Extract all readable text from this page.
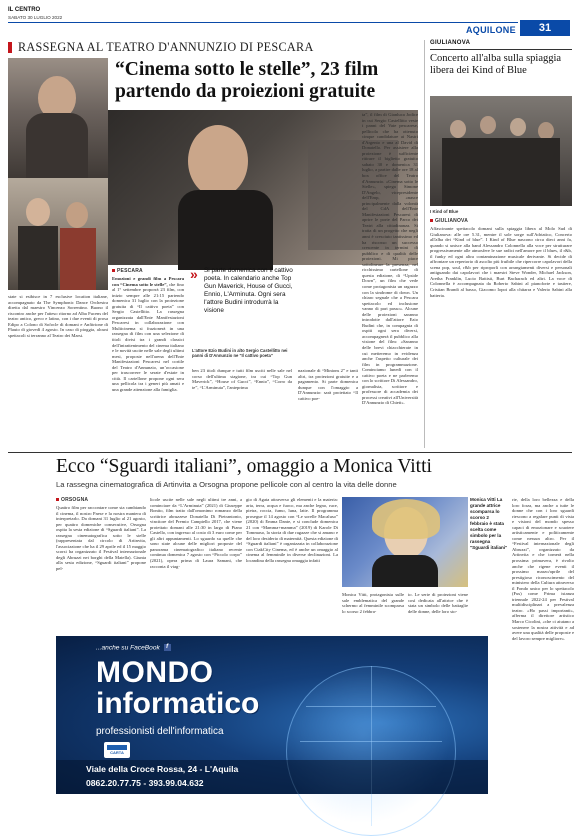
IL CENTRO
SABATO 30 LUGLIO 2022
AQUILONE	31
RASSEGNA AL TEATRO D'ANNUNZIO DI PESCARA
“Cinema sotto le stelle”, 23 film partendo da proiezioni gratuite
state si esibisce in 7 esclusive location italiane, accompagnato da The Symphonic Dance Orchestra diretta dal maestro Vincenzo Sorrentino. Buono il riscontro anche per l'atteso ritorno ad Alba Fucens del teatro antico, greco e latino, con i due eventi di prosa Edipo a Colono di Sofocle di domani e Anfitrione di Plauto di giovedì 4 agosto. In caso di pioggia, alcuni spettacoli si terranno al Teatro dei Marsi.
PESCARA
Emozioni e grandi film a Pescara con “Cinema sotto le stelle”, che fino al 1° settembre proporrà 23 film, con inizio sempre alle 21:15 partendo domenica 31 luglio con la proiezione gratuita di “Il cattivo poeta” con Sergio Castellitto. La rassegna organizzata dall'Ente Manifestazioni Pescaresi in collaborazione con Multicinema si frazionerà in una rassegna di film con una selezione di titoli divisi tra i grandi classici dell'intrattenimento del cinema italiano e le novità uscite nelle sale degli ultimi mesi, proposte nell'arena dell'Ente Manifestazioni Pescaresi nel cortile del Teatro d'Annunzio, un’occasione per trascorrere le serate d'estate in città. Il cartellone propone ogni sera una pellicola tra i generi più amati e una grande attenzione alla famiglia.
» Si parte domenica con Il cattivo poeta. In calendario anche Top Gun Maverick, House of Gucci, Ennio, L'Arminuta. Ogni sera l'attore Budini introdurrà la visione
L'attore Ezio Budini in alto Sergio Castellitto nei panni di D'Annunzio ne "Il cattivo poeta"
ben 23 titoli dunque e tutti film usciti nelle sale nel corso dell'ultima stagione, tra cui “Top Gun Maverick”, “House of Gucci”, “Ennio”, “Corro da te”, “L'Arminuta”, l'anteprima
nazionale di “Minions 2” e tanti altri, tra proiezioni gratuite e a pagamento. Si parte domenica dunque con l'omaggio a D'Annunzio: sarà proiettato “Il cattivo poe-
ta”, il film di Gianluca Jodice in cui Sergio Castellitto veste i panni del Vate pescarese, pellicola che ha ottenuto cinque candidature ai Nastri d'Argento e una al David di Donatello. Per assistere alla proiezione è sufficiente ritirare il biglietto gratuito sabato 30 e domenica 31 luglio, a partire dalle ore 18 al box office del Teatro d'Annunzio. «Cinema sotto le Stelle», spiega Simone D'Angelo, vicepresidente dell'Emp, «nasce principalmente dalla volontà del CdA dell'Ente Manifestazioni Pescaresi di aprire le porte del Parco dei Teatri alla cittadinanza. Si tratta di un progetto che negli anni è cresciuto tantissimo ed ha riscosso un successo crescente in termini di pubblico e di qualità delle proiezioni. Mi piace sottolineare la presenza, nel ricchissimo cartellone di questa edizione, di “Upside Down”, un film che vede come protagonista un ragazzo con la sindrome di down. Un chiaro segnale che a Pescara spettacolo ed inclusione vanno di pari passo». Alcune delle proiezioni saranno introdotte dall'attore Ezio Budini che, in compagnia di ospiti ogni sera diversi, accompagnerà il pubblico alla visione del film: «Saranno delle brevi chiacchierate in cui metteremo in evidenza anche l'aspetto culturale dei film in programmazione. Cominciamo lunedì con il cattivo poeta e ne parleremo con lo scrittore Di Alessandro, giornalista, scrittore e professore di accademia dei processi creativi all'Università D'Annunzio di Chieti».
GIULIANOVA
Concerto all'alba sulla spiaggia libera dei Kind of Blue
I Kind of Blue
GIULIANOVA
Affascinante spettacolo domani sulla spiaggia libera al Molo Sud di Giulianova: alle ore 5.31, mentre il sole sorge sull'Adriatico, Concerto all'alba dei “Kind of blue”. I Kind of Blue nascono circa dieci anni fa, quando si unisce alla band Alessandro Colonnella alla voce per strutturare progressivamente alle atmosfere le sue radici nell'amore per il blues, il r&b, il funky ed ogni altra contaminazione musicale derivante. Si decide di affrontare un repertorio di ascolto più fruibile che ripercorre capolavori della scena pop, soul, r&b per riproporli con arrangiamenti diversi e personali antiguando dai capolavori che i maestri Steve Wonder, Michael Jackson, Aretha Franklin, Lucio Battisti, Burt Bacharach ed altri. La voce di Colonnella è accompagnata da Roberto Sabini al pianoforte e tastiere, Cristian Brandi al basso, Giacomo Iopoi alla chitarra e Valerio Sabini alla batteria.
Ecco “Sguardi italiani”, omaggio a Monica Vitti
La rassegna cinematografica di Artinvita a Orsogna propone pellicole con al centro la vita delle donne
ORSOGNA
Quattro film per raccontare come sta cambiando il cinema, il nostro Paese e la nostra maniera di interpretarlo. Da domani 31 luglio al 21 agosto, per quattro domeniche consecutive, Orsogna ospita la sesta edizione di “Sguardi italiani”. La rassegna cinematografica sotto le stelle (rappresentata dal circolo di Artinvita, l'associazione che ha il 29 aprile ed il 15 maggio scorsi ha organizzato il Festival internazionale degli Abruzzi nei borghi della Maiella). Giunta alla sesta edizione, “Sguardi italiani” propone pel-
licole uscite nelle sale negli ultimi tre anni, a cominciare da “L'Arminuta” (2021) di Giuseppe Bonito, film tratto dall'omonimo romanzo della scrittrice abruzzese Donatella Di Pietrantonio, vincitore del Premio Campiello 2017, che viene proiettato domani alle 21:30 in largo di Piano Castello, con ingresso al costo di 3 euro come per gli altri appuntamenti. Lo sguardo su quelle che sono state alcune delle migliori proposte del panorama cinematografico italiano recente continua domenica 7 agosto con “Piccolo corpo” (2021), opera prima di Laura Samani, che racconta il viag-
gio di Agata attraverso gli elementi e la materia: aria, terra, acqua e fuoco, ma anche legno, ruce, pietra, roccia, fumo, luna, latte. Il programma prosegue il 14 agosto con “Le sorelle Macaluso” (2020) di Emma Dante, e si conclude domenica 21 con “Mamma+mamma” (2019) di Karole Di Tommaso, la storia di due ragazze che si amano e del loro desiderio di maternità. Questa edizione di “Sguardi italiani” è organizzata in collaborazione con CiakCity Cinema, ed è anche un omaggio al cinema al femminile in diverse declinazioni. La locandina della rassegna omaggia infatti
Monica Vitti La grande attrice scomparsa lo scorso 2 febbraio è stata scelta come simbolo per la rassegna "Sguardi italiani"
Monica Vitti, protagonista sulle sale emblematica del grande schermo al femminile scomparsa lo scorso 2 febbra-
io. Le serie di proiezioni viene così dedicata all'attrice che è stata un simbolo delle battaglie delle donne, delle loro sto-
rie, della loro bellezza e della loro forza, ma anche a tutte le donne che con i loro sguardi riescono a regalare punti di vista e visioni del mondo spesso capaci di emozionare e scuotere artisticamente e politicamente come nessun altro. Per il “Festival internazionale degli Abruzzi”, organizzato da Artinvita e che tornerà nella prossima primavera, è rivolto anche che rigene eventi il prossimo marzo/aprile del prestigioso riconoscimento del ministero della Cultura attraverso il Fondo unico per lo spettacolo (Fus) come Prima istanza triennale 2022-24 per Festival multidisciplinari a prevalenza teatro. «Ho passi importanti», afferma il direttore artistico Marco Cicolini, «che ci aiutano a sostenere la nostra attività e ad avere una qualità delle proposte e del lavoro sempre migliore».
...anche su FaceBook f
MONDO
informatico
professionisti dell'informatica
CARTA
Viale della Croce Rossa, 24 - L'Aquila
0862.20.77.75 - 393.99.04.632
